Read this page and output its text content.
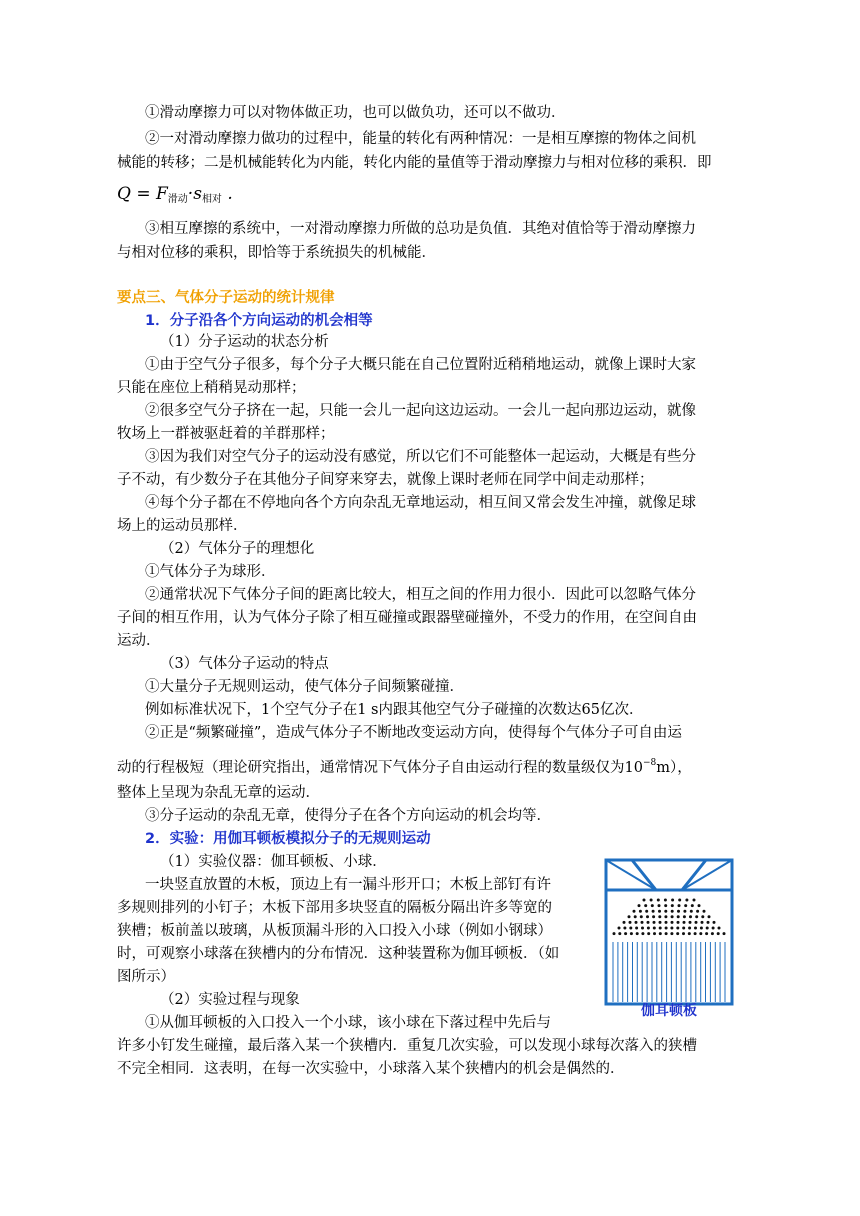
①滑动摩擦力可以对物体做正功，也可以做负功，还可以不做功．
②一对滑动摩擦力做功的过程中，能量的转化有两种情况：一是相互摩擦的物体之间机
械能的转移；二是机械能转化为内能，转化内能的量值等于滑动摩擦力与相对位移的乘积．即
$Q = F_{滑动}\cdot s_{相对}$ .
③相互摩擦的系统中，一对滑动摩擦力所做的总功是负值．其绝对值恰等于滑动摩擦力
与相对位移的乘积，即恰等于系统损失的机械能．
要点三、气体分子运动的统计规律
1．分子沿各个方向运动的机会相等
（1）分子运动的状态分析
①由于空气分子很多，每个分子大概只能在自己位置附近稍稍地运动，就像上课时大家
只能在座位上稍稍晃动那样；
②很多空气分子挤在一起，只能一会儿一起向这边运动。一会儿一起向那边运动，就像
牧场上一群被驱赶着的羊群那样；
③因为我们对空气分子的运动没有感觉，所以它们不可能整体一起运动，大概是有些分
子不动，有少数分子在其他分子间穿来穿去，就像上课时老师在同学中间走动那样；
④每个分子都在不停地向各个方向杂乱无章地运动，相互间又常会发生冲撞，就像足球
场上的运动员那样．
（2）气体分子的理想化
①气体分子为球形．
②通常状况下气体分子间的距离比较大，相互之间的作用力很小．因此可以忽略气体分
子间的相互作用，认为气体分子除了相互碰撞或跟器壁碰撞外，不受力的作用，在空间自由
运动．
（3）气体分子运动的特点
①大量分子无规则运动，使气体分子间频繁碰撞．
例如标准状况下，1个空气分子在1 s内跟其他空气分子碰撞的次数达65亿次．
②正是“频繁碰撞”，造成气体分子不断地改变运动方向，使得每个气体分子可自由运
动的行程极短（理论研究指出，通常情况下气体分子自由运动行程的数量级仅为$10^{-8}m$），
整体上呈现为杂乱无章的运动．
③分子运动的杂乱无章，使得分子在各个方向运动的机会均等．
2．实验：用伽耳顿板模拟分子的无规则运动
（1）实验仪器：伽耳顿板、小球．
一块竖直放置的木板，顶边上有一漏斗形开口；木板上部钉有许
多规则排列的小钉子；木板下部用多块竖直的隔板分隔出许多等宽的
狭槽；板前盖以玻璃，从板顶漏斗形的入口投入小球（例如小钢球）
时，可观察小球落在狭槽内的分布情况．这种装置称为伽耳顿板．（如
图所示）
（2）实验过程与现象
①从伽耳顿板的入口投入一个小球，该小球在下落过程中先后与
许多小钉发生碰撞，最后落入某一个狭槽内．重复几次实验，可以发现小球每次落入的狭槽
不完全相同．这表明，在每一次实验中，小球落入某个狭槽内的机会是偶然的．
伽耳顿板
